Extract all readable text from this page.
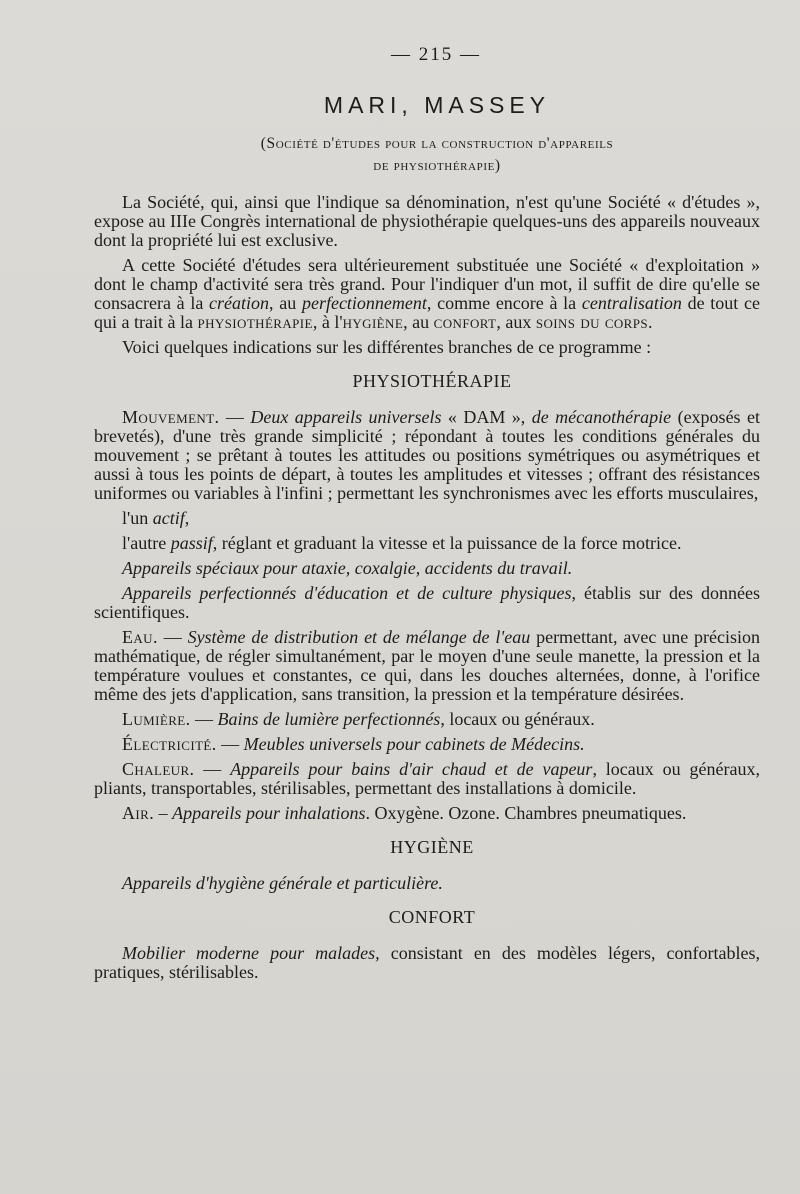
— 215 —
MARI, MASSEY
(Société d'études pour la construction d'appareils
de physiothérapie)

La Société, qui, ainsi que l'indique sa dénomination, n'est qu'une Société « d'études », expose au IIIe Congrès international de physiothérapie quelques-uns des appareils nouveaux dont la propriété lui est exclusive.

A cette Société d'études sera ultérieurement substituée une Société « d'exploitation » dont le champ d'activité sera très grand. Pour l'indiquer d'un mot, il suffit de dire qu'elle se consacrera à la création, au perfectionnement, comme encore à la centralisation de tout ce qui a trait à la physiothérapie, à l'hygiène, au confort, aux soins du corps.

Voici quelques indications sur les différentes branches de ce programme :

PHYSIOTHÉRAPIE

Mouvement. — Deux appareils universels « DAM », de mécanothérapie (exposés et brevetés), d'une très grande simplicité ; répondant à toutes les conditions générales du mouvement ; se prêtant à toutes les attitudes ou positions symétriques ou asymétriques et aussi à tous les points de départ, à toutes les amplitudes et vitesses ; offrant des résistances uniformes ou variables à l'infini ; permettant les synchronismes avec les efforts musculaires,

l'un actif,

l'autre passif, réglant et graduant la vitesse et la puissance de la force motrice.

Appareils spéciaux pour ataxie, coxalgie, accidents du travail.

Appareils perfectionnés d'éducation et de culture physiques, établis sur des données scientifiques.

Eau. — Système de distribution et de mélange de l'eau permettant, avec une précision mathématique, de régler simultanément, par le moyen d'une seule manette, la pression et la température voulues et constantes, ce qui, dans les douches alternées, donne, à l'orifice même des jets d'application, sans transition, la pression et la température désirées.

Lumière. — Bains de lumière perfectionnés, locaux ou généraux.

Électricité. — Meubles universels pour cabinets de Médecins.

Chaleur. — Appareils pour bains d'air chaud et de vapeur, locaux ou généraux, pliants, transportables, stérilisables, permettant des installations à domicile.

Air. – Appareils pour inhalations. Oxygène. Ozone. Chambres pneumatiques.

HYGIÈNE

Appareils d'hygiène générale et particulière.

CONFORT

Mobilier moderne pour malades, consistant en des modèles légers, confortables, pratiques, stérilisables.
